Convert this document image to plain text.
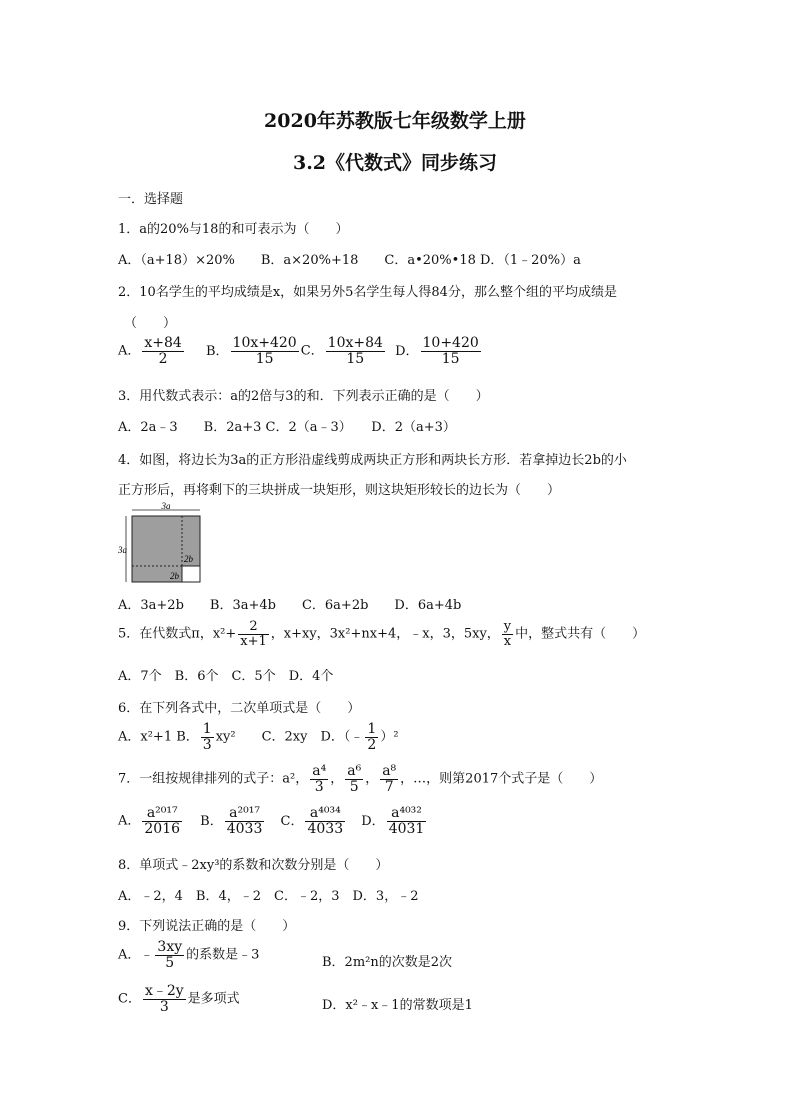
2020年苏教版七年级数学上册
3.2《代数式》同步练习
一．选择题
1．a的20%与18的和可表示为（　　）
A．（a+18）×20%　　B．a×20%+18　　C．a•20%•18 D．（1﹣20%）a
2．10名学生的平均成绩是x，如果另外5名学生每人得84分，那么整个组的平均成绩是
（　　）
A． $\frac{x+84}{2}$ B． $\frac{10x+420}{15}$ C． $\frac{10x+84}{15}$ D． $\frac{10+420}{15}$
3．用代数式表示：a的2倍与3的和．下列表示正确的是（　　）
A．2a﹣3　　B．2a+3 C．2（a﹣3）　　D．2（a+3）
4．如图，将边长为3a的正方形沿虚线剪成两块正方形和两块长方形．若拿掉边长2b的小
正方形后，再将剩下的三块拼成一块矩形，则这块矩形较长的边长为（　　）
3a
3a
2b
2b
A．3a+2b　　B．3a+4b　　C．6a+2b　　D．6a+4b
5．在代数式π，$x^2+ \frac{2}{x+1}$ ，x+xy，3x²+nx+4，﹣x，3，5xy， $\frac{y}{x}$ 中，整式共有（　　）
A．7个　B．6个　C．5个　D．4个
6．在下列各式中，二次单项式是（　　）
A．x²+1 B． $\frac{1}{3} xy^2$　　C．2xy　D．（﹣ $\frac{1}{2} )^2$
7．一组按规律排列的式子：a²， $\frac{\text{a⁴}}{3}$ ， $\frac{\text{a⁶}}{5}$ ， $\frac{\text{a⁸}}{7}$ ，…，则第2017个式子是（　　）
A． $\frac{\text{a²⁰¹⁷}}{2016}$ B． $\frac{\text{a²⁰¹⁷}}{4033}$ C． $\frac{\text{a⁴⁰³⁴}}{4033}$ D． $\frac{\text{a⁴⁰³²}}{4031}$
8．单项式﹣2xy³的系数和次数分别是（　　）
A．﹣2，4　B．4，﹣2　C．﹣2，3　D．3，﹣2
9．下列说法正确的是（　　）
A．﹣ $\frac{3xy}{5}$ 的系数是﹣3	B．2m²n的次数是2次
C． $\frac{x﹣2y}{3}$ 是多项式	D．x²﹣x﹣1的常数项是1
